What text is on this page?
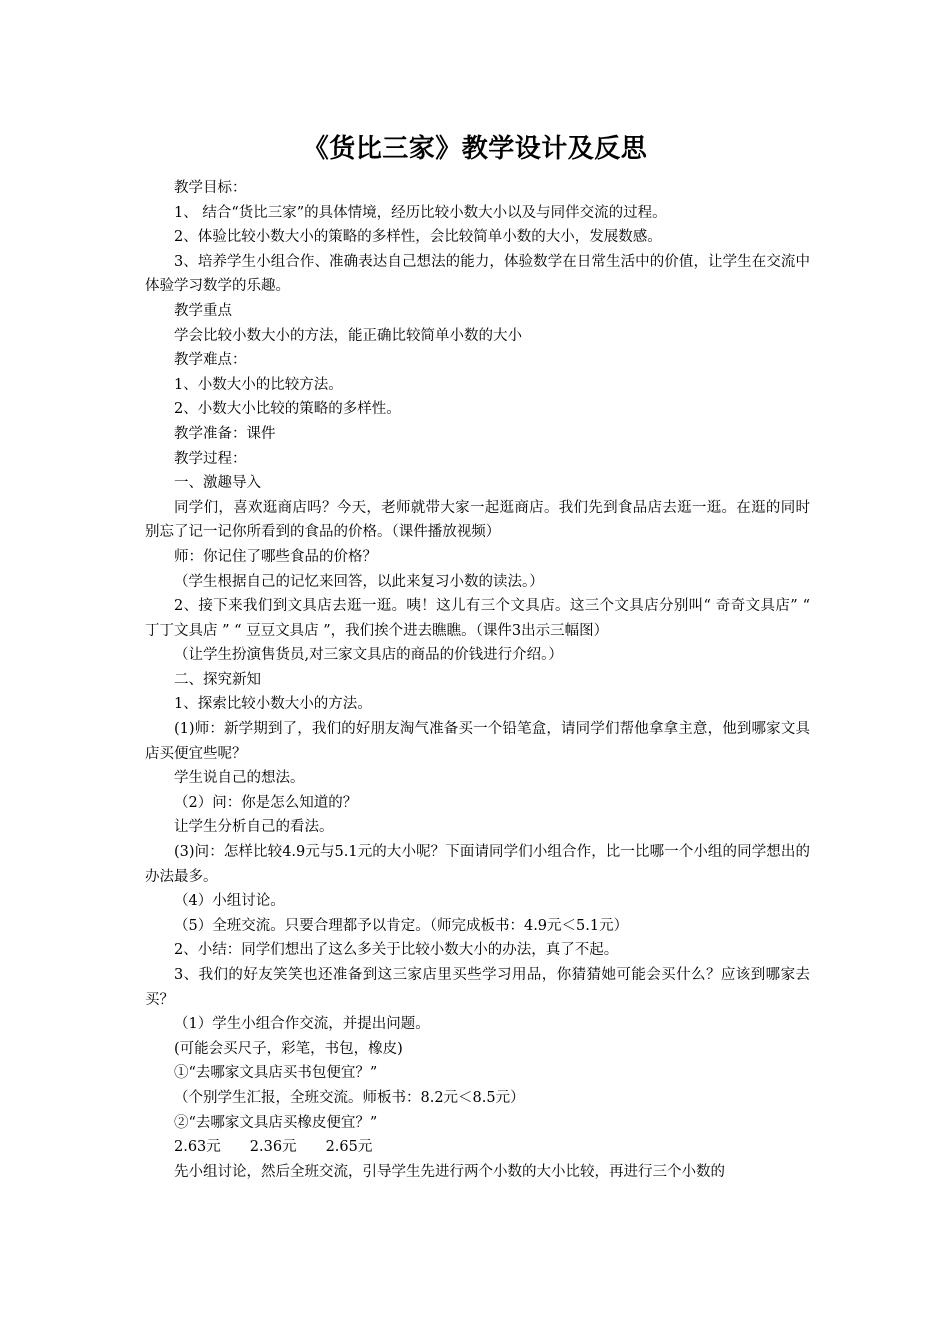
《货比三家》教学设计及反思

教学目标：

1、 结合“货比三家”的具体情境，经历比较小数大小以及与同伴交流的过程。

2、体验比较小数大小的策略的多样性，会比较简单小数的大小，发展数感。

3、培养学生小组合作、准确表达自己想法的能力，体验数学在日常生活中的价值，让学生在交流中体验学习数学的乐趣。

教学重点

学会比较小数大小的方法，能正确比较简单小数的大小

教学难点：

1、小数大小的比较方法。

2、小数大小比较的策略的多样性。

教学准备：课件

教学过程：

一、激趣导入

同学们，喜欢逛商店吗？今天，老师就带大家一起逛商店。我们先到食品店去逛一逛。在逛的同时别忘了记一记你所看到的食品的价格。（课件播放视频）

师：你记住了哪些食品的价格？

（学生根据自己的记忆来回答，以此来复习小数的读法。）

2、接下来我们到文具店去逛一逛。咦！这儿有三个文具店。这三个文具店分别叫“ 奇奇文具店” “ 丁丁文具店 ” “ 豆豆文具店 ”，我们挨个进去瞧瞧。（课件3出示三幅图）

（让学生扮演售货员,对三家文具店的商品的价钱进行介绍。）

二、探究新知

1、探索比较小数大小的方法。

(1)师：新学期到了，我们的好朋友淘气准备买一个铅笔盒，请同学们帮他拿拿主意，他到哪家文具店买便宜些呢？

学生说自己的想法。

（2）问：你是怎么知道的？

让学生分析自己的看法。

(3)问：怎样比较4.9元与5.1元的大小呢？下面请同学们小组合作，比一比哪一个小组的同学想出的办法最多。

（4）小组讨论。

（5）全班交流。只要合理都予以肯定。（师完成板书：4.9元＜5.1元）

2、小结：同学们想出了这么多关于比较小数大小的办法，真了不起。

3、我们的好友笑笑也还准备到这三家店里买些学习用品，你猜猜她可能会买什么？应该到哪家去买？

（1）学生小组合作交流，并提出问题。

(可能会买尺子，彩笔，书包，橡皮)

①“去哪家文具店买书包便宜？”

（个别学生汇报，全班交流。师板书：8.2元＜8.5元）

②“去哪家文具店买橡皮便宜？”

2.63元　　2.36元　　2.65元

先小组讨论，然后全班交流，引导学生先进行两个小数的大小比较，再进行三个小数的
